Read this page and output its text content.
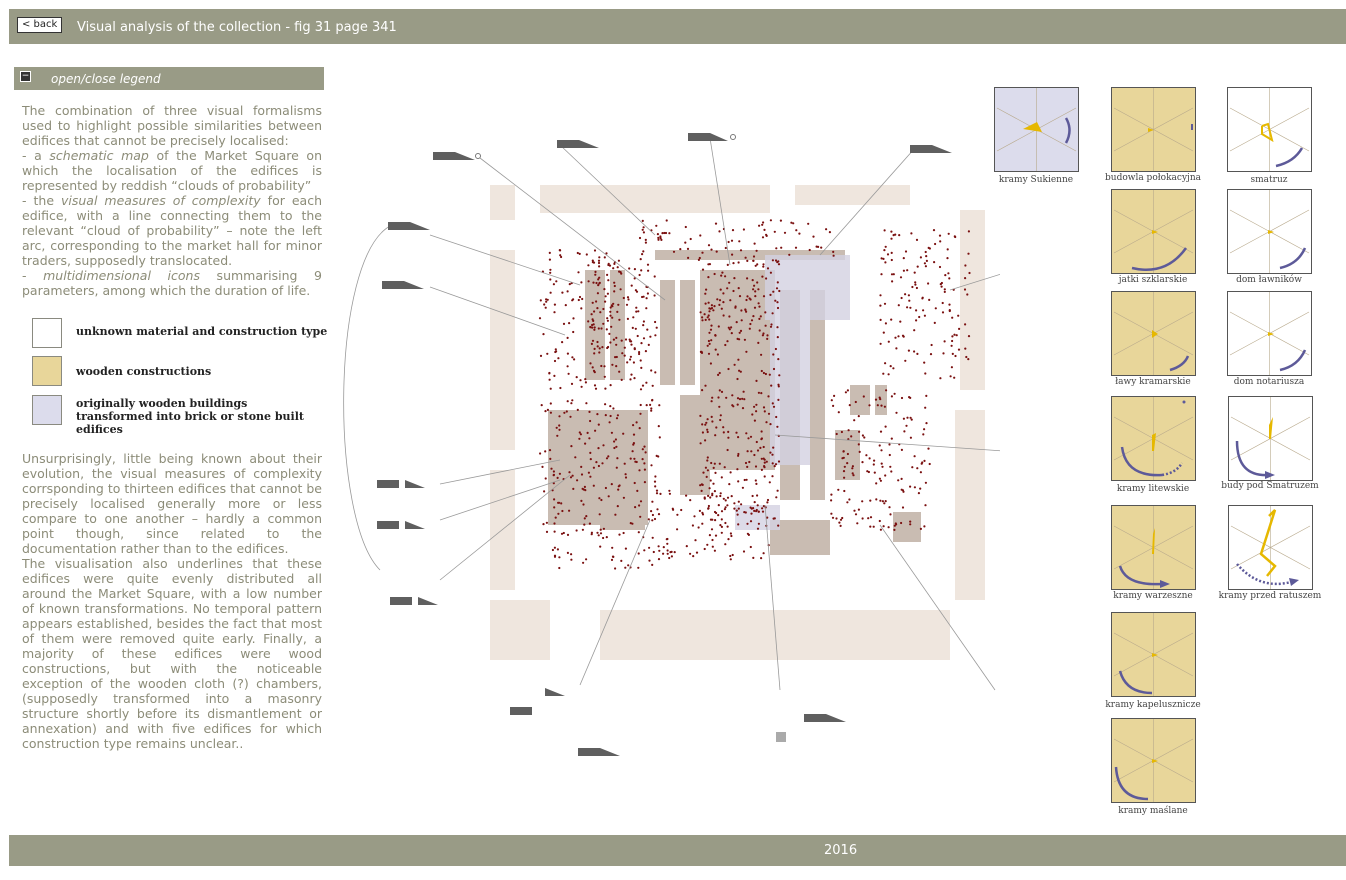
< back	Visual analysis of the collection - fig 31 page 341
− open/close legend

The combination of three visual formalisms used to highlight possible similarities between edifices that cannot be precisely localised:

- a schematic map of the Market Square on which the localisation of the edifices is represented by reddish “clouds of probability”

- the visual measures of complexity for each edifice, with a line connecting them to the relevant “cloud of probability” – note the left arc, corresponding to the market hall for minor traders, supposedly translocated.

- multidimensional icons summarising 9 parameters, among which the duration of life.

unknown material and construction type
wooden constructions
originally wooden buildings transformed into brick or stone built edifices

Unsurprisingly, little being known about their evolution, the visual measures of complexity corrsponding to thirteen edifices that cannot be precisely localised generally more or less compare to one another – hardly a common point though, since related to the documentation rather than to the edifices.

The visualisation also underlines that these edifices were quite evenly distributed all around the Market Square, with a low number of known transformations. No temporal pattern appears established, besides the fact that most of them were removed quite early. Finally, a majority of these edifices were wood constructions, but with the noticeable exception of the wooden cloth (?) chambers, (supposedly transformed into a masonry structure shortly before its dismantlement or annexation) and with five edifices for which construction type remains unclear..

kramy Sukienne	budowla połokacyjna	smatruz
jatki szklarskie	dom ławników
ławy kramarskie	dom notariusza
kramy litewskie	budy pod Smatruzem
kramy warzeszne	kramy przed ratuszem
kramy kapeluszniсze
kramy maślane
2016
